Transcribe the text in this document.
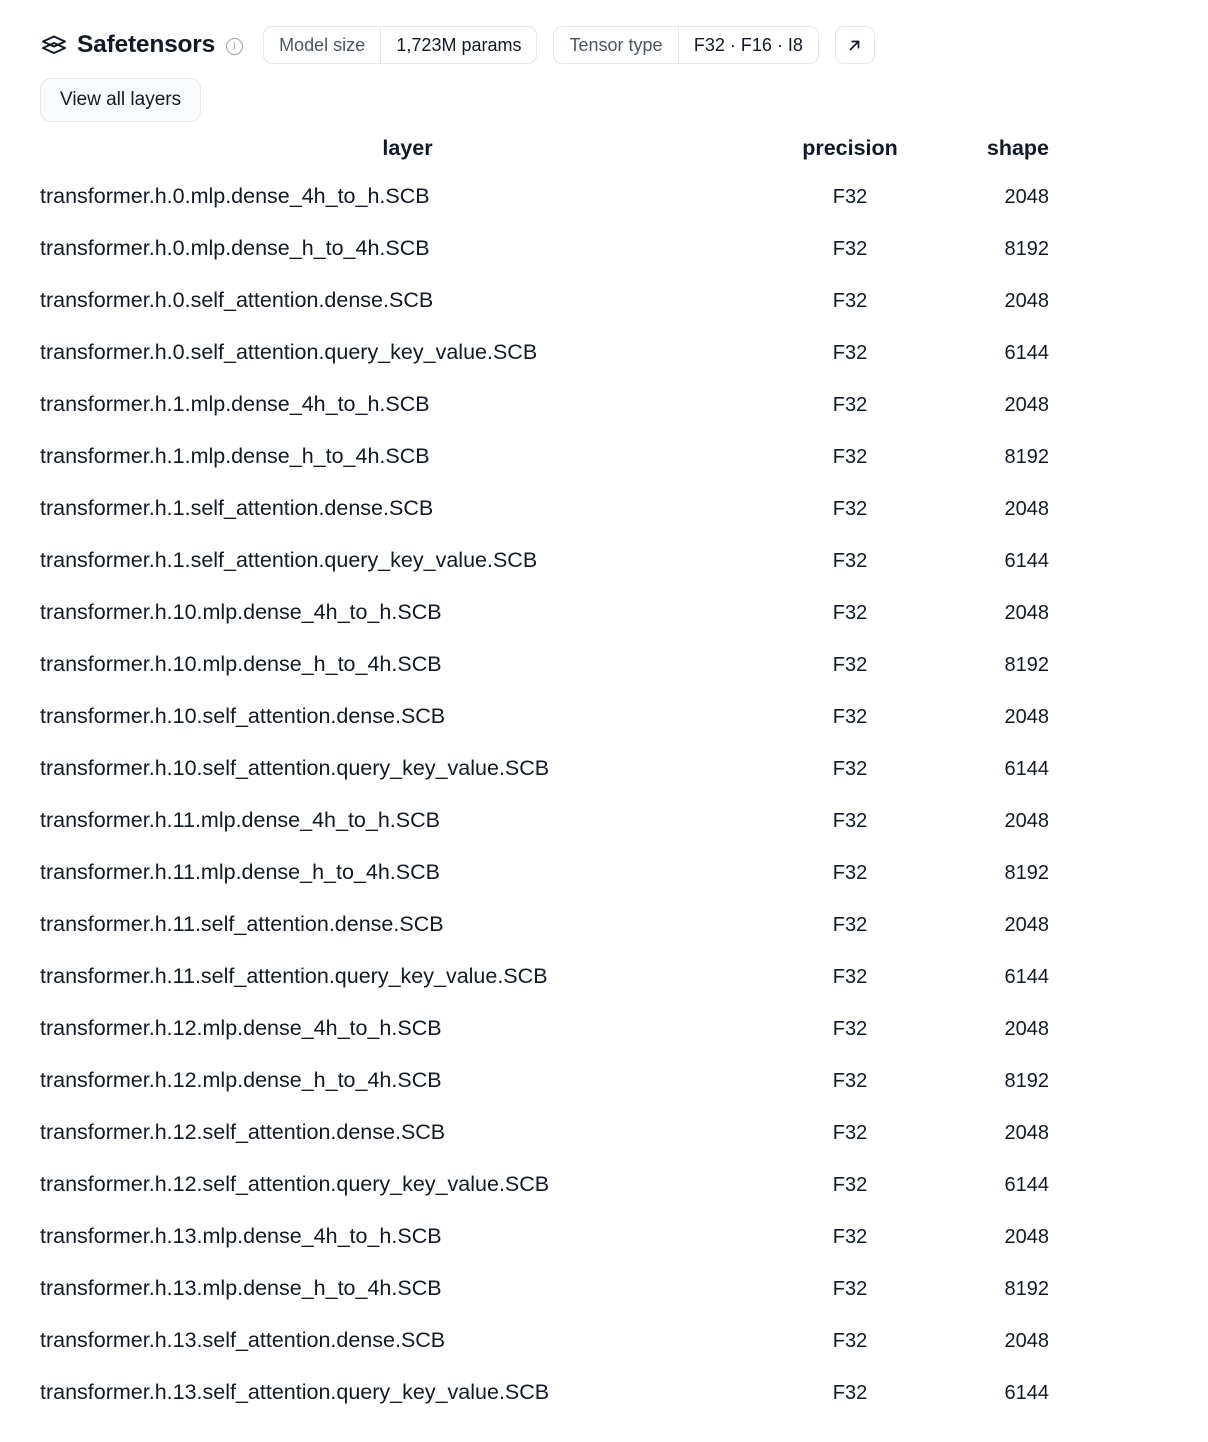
Safetensors	i	Model size	1,723M params	Tensor type	F32 · F16 · I8
View all layers
layer	precision	shape
transformer.h.0.mlp.dense_4h_to_h.SCB	F32	2048
transformer.h.0.mlp.dense_h_to_4h.SCB	F32	8192
transformer.h.0.self_attention.dense.SCB	F32	2048
transformer.h.0.self_attention.query_key_value.SCB	F32	6144
transformer.h.1.mlp.dense_4h_to_h.SCB	F32	2048
transformer.h.1.mlp.dense_h_to_4h.SCB	F32	8192
transformer.h.1.self_attention.dense.SCB	F32	2048
transformer.h.1.self_attention.query_key_value.SCB	F32	6144
transformer.h.10.mlp.dense_4h_to_h.SCB	F32	2048
transformer.h.10.mlp.dense_h_to_4h.SCB	F32	8192
transformer.h.10.self_attention.dense.SCB	F32	2048
transformer.h.10.self_attention.query_key_value.SCB	F32	6144
transformer.h.11.mlp.dense_4h_to_h.SCB	F32	2048
transformer.h.11.mlp.dense_h_to_4h.SCB	F32	8192
transformer.h.11.self_attention.dense.SCB	F32	2048
transformer.h.11.self_attention.query_key_value.SCB	F32	6144
transformer.h.12.mlp.dense_4h_to_h.SCB	F32	2048
transformer.h.12.mlp.dense_h_to_4h.SCB	F32	8192
transformer.h.12.self_attention.dense.SCB	F32	2048
transformer.h.12.self_attention.query_key_value.SCB	F32	6144
transformer.h.13.mlp.dense_4h_to_h.SCB	F32	2048
transformer.h.13.mlp.dense_h_to_4h.SCB	F32	8192
transformer.h.13.self_attention.dense.SCB	F32	2048
transformer.h.13.self_attention.query_key_value.SCB	F32	6144
